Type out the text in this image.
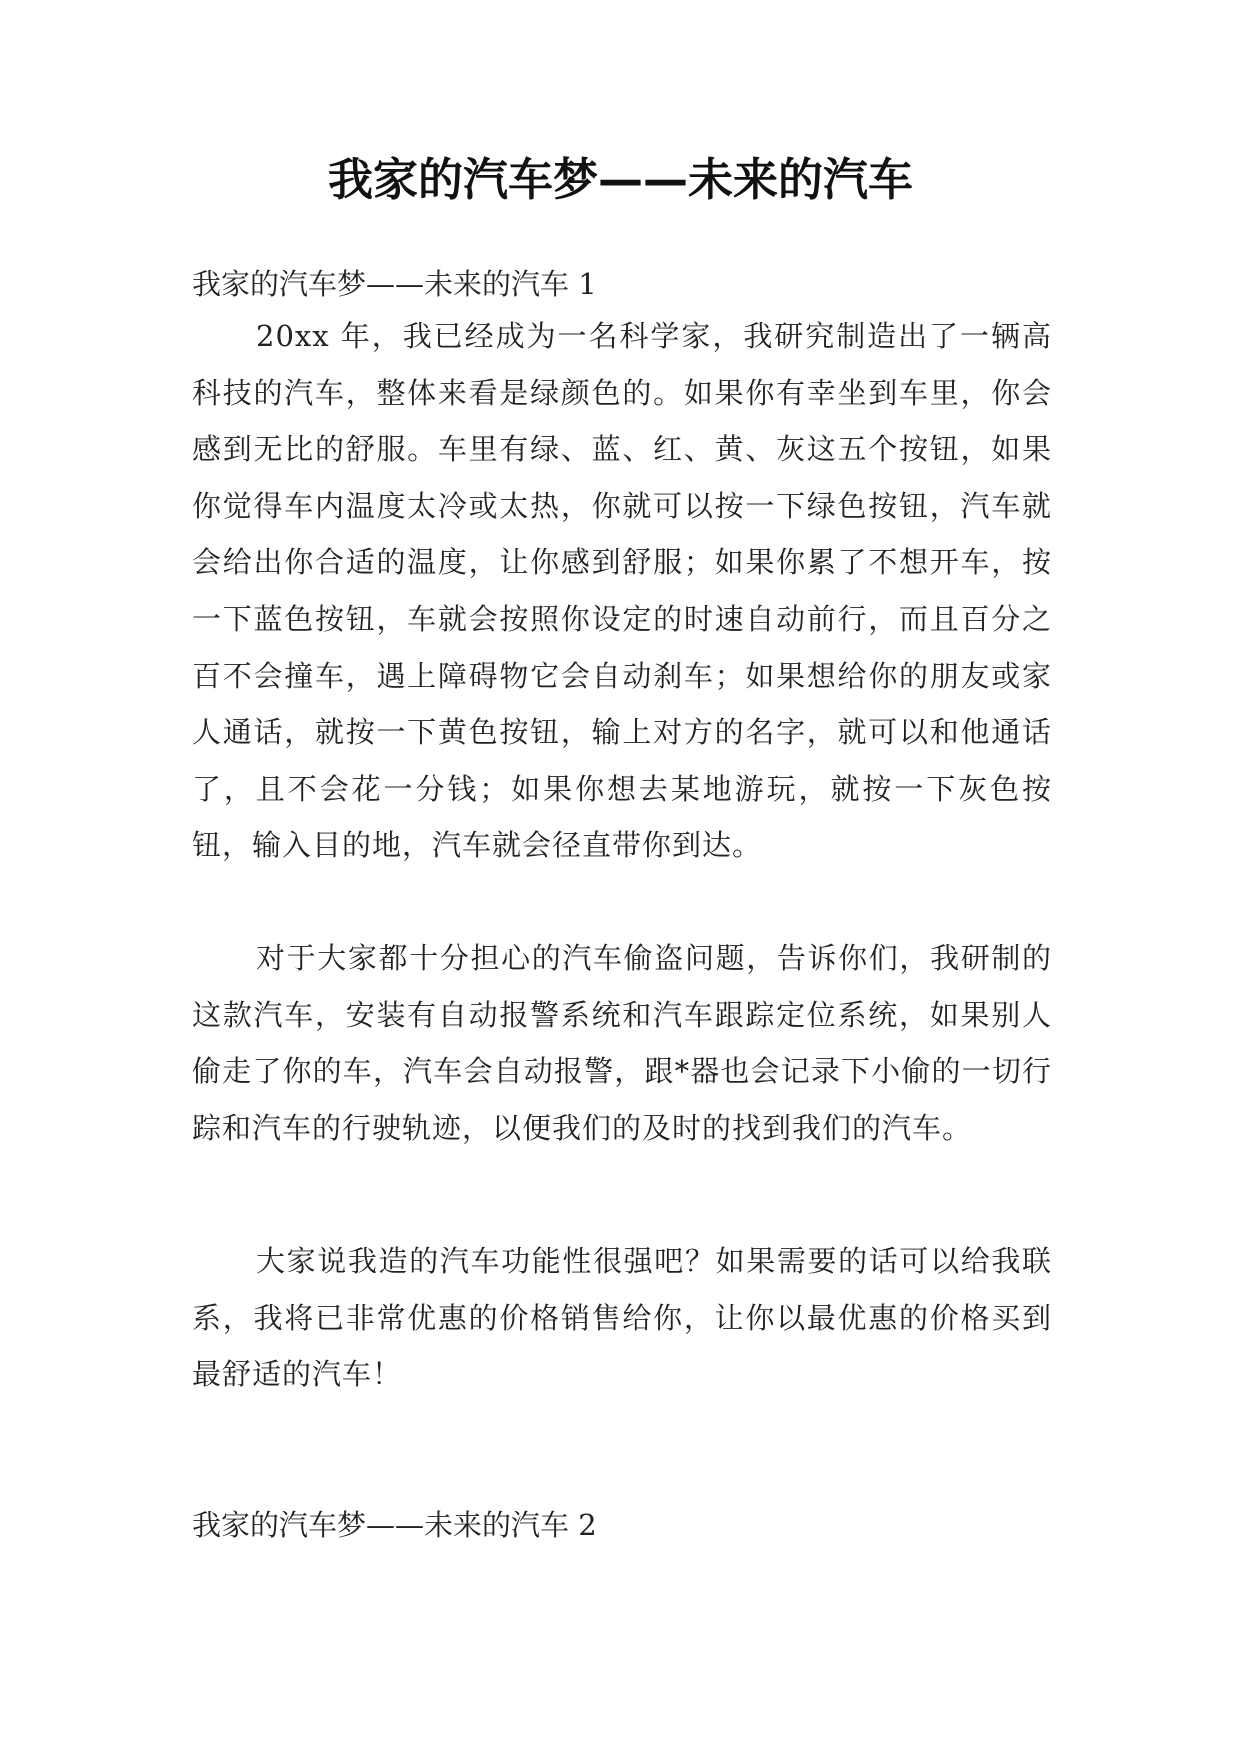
我家的汽车梦——未来的汽车

我家的汽车梦——未来的汽车 1

20xx 年，我已经成为一名科学家，我研究制造出了一辆高科技的汽车，整体来看是绿颜色的。如果你有幸坐到车里，你会感到无比的舒服。车里有绿、蓝、红、黄、灰这五个按钮，如果你觉得车内温度太冷或太热，你就可以按一下绿色按钮，汽车就会给出你合适的温度，让你感到舒服；如果你累了不想开车，按一下蓝色按钮，车就会按照你设定的时速自动前行，而且百分之百不会撞车，遇上障碍物它会自动刹车；如果想给你的朋友或家人通话，就按一下黄色按钮，输上对方的名字，就可以和他通话了，且不会花一分钱；如果你想去某地游玩，就按一下灰色按钮，输入目的地，汽车就会径直带你到达。

对于大家都十分担心的汽车偷盗问题，告诉你们，我研制的这款汽车，安装有自动报警系统和汽车跟踪定位系统，如果别人偷走了你的车，汽车会自动报警，跟*器也会记录下小偷的一切行踪和汽车的行驶轨迹，以便我们的及时的找到我们的汽车。

大家说我造的汽车功能性很强吧？如果需要的话可以给我联系，我将已非常优惠的价格销售给你，让你以最优惠的价格买到最舒适的汽车！

我家的汽车梦——未来的汽车 2
